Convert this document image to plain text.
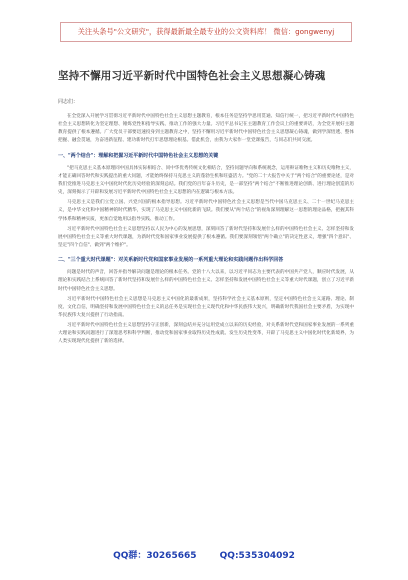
关注头条号"公文研究"，获得最新最全最专业的公文资料库！ 微信：gongwenyj
坚持不懈用习近平新时代中国特色社会主义思想凝心铸魂
同志们：

在全党深入开展学习贯彻习近平新时代中国特色社会主义思想主题教育，根本任务是坚持学思用贯通、知信行统一，把习近平新时代中国特色社会主义思想转化为坚定理想、锤炼党性和指导实践、推动工作的强大力量。习近平总书记在主题教育工作会议上的重要讲话，为全党开展好主题教育提供了根本遵循。广大党员干部要迅速投身到主题教育之中，坚持不懈用习近平新时代中国特色社会主义思想凝心铸魂，做到学深悟透、整体把握、融会贯通，为奋进新征程、建功新时代打牢思想理论根基。借此机会，由我为大家作一堂党课报告，与同志们共同交流。

一、"两个结合"：理解和把握习近平新时代中国特色社会主义思想的关键

"把马克思主义基本原理同中国具体实际相结合、同中华优秀传统文化相结合，坚持问题导向和系统观念，运用辩证唯物主义和历史唯物主义，才能正确回答时代和实践提出的重大问题，才能始终保持马克思主义的蓬勃生机和旺盛活力。"党的二十大报告中关于"两个结合"的重要论述，是对我们党推进马克思主义中国化时代化历史经验的深刻总结。我们党的百年奋斗历史，是一部坚持"两个结合"不断推进理论创新、进行理论创造的历史，深刻揭示了开辟和发展习近平新时代中国特色社会主义思想的内在逻辑与根本方法。

马克思主义是我们立党立国、兴党兴国的根本指导思想。习近平新时代中国特色社会主义思想是当代中国马克思主义、二十一世纪马克思主义，是中华文化和中国精神的时代精华，实现了马克思主义中国化新的飞跃。我们要从"两个结合"的视角深刻理解这一思想的理论品格，把握其科学体系和精神实质，更加自觉地用以指导实践、推动工作。

习近平新时代中国特色社会主义思想坚持以人民为中心的发展思想，深刻回答了新时代坚持和发展什么样的中国特色社会主义、怎样坚持和发展中国特色社会主义等重大时代课题，为新时代党和国家事业发展提供了根本遵循。我们要深刻领悟"两个确立"的决定性意义，增强"四个意识"、坚定"四个自信"、做到"两个维护"。

二、"三个重大时代课题"：对关系新时代党和国家事业发展的一系列重大理论和实践问题作出科学回答

问题是时代的声音，回答并指导解决问题是理论的根本任务。党的十八大以来，以习近平同志为主要代表的中国共产党人，顺应时代发展，从理论和实践结合上系统回答了新时代坚持和发展什么样的中国特色社会主义、怎样坚持和发展中国特色社会主义等重大时代课题，创立了习近平新时代中国特色社会主义思想。

习近平新时代中国特色社会主义思想是马克思主义中国化的最新成果，坚持科学社会主义基本原则，坚定中国特色社会主义道路、理论、制度、文化自信，明确坚持和发展中国特色社会主义的总任务是实现社会主义现代化和中华民族伟大复兴，明确新时代我国社会主要矛盾，为实现中华民族伟大复兴提供了行动指南。

习近平新时代中国特色社会主义思想坚持守正创新，深刻总结并充分运用党成立以来的历史经验，对关系新时代党和国家事业发展的一系列重大理论和实践问题进行了深邃思考和科学判断，推动党和国家事业取得历史性成就、发生历史性变革，开辟了马克思主义中国化时代化新境界，为人类实现现代化提供了新的选择。

QQ群：30265665	QQ:535304092
